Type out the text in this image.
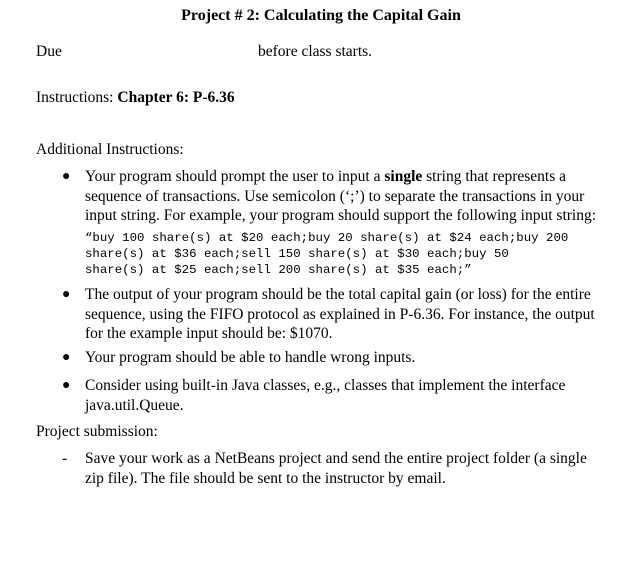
Project # 2: Calculating the Capital Gain
Due	before class starts.
Instructions: Chapter 6: P-6.36
Additional Instructions:
● Your program should prompt the user to input a single string that represents a
sequence of transactions. Use semicolon (‘;’) to separate the transactions in your
input string. For example, your program should support the following input string:
“buy 100 share(s) at $20 each;buy 20 share(s) at $24 each;buy 200
share(s) at $36 each;sell 150 share(s) at $30 each;buy 50
share(s) at $25 each;sell 200 share(s) at $35 each;”
● The output of your program should be the total capital gain (or loss) for the entire
sequence, using the FIFO protocol as explained in P-6.36. For instance, the output
for the example input should be: $1070.
● Your program should be able to handle wrong inputs.
● Consider using built-in Java classes, e.g., classes that implement the interface
java.util.Queue.
Project submission:
- Save your work as a NetBeans project and send the entire project folder (a single
zip file). The file should be sent to the instructor by email.
